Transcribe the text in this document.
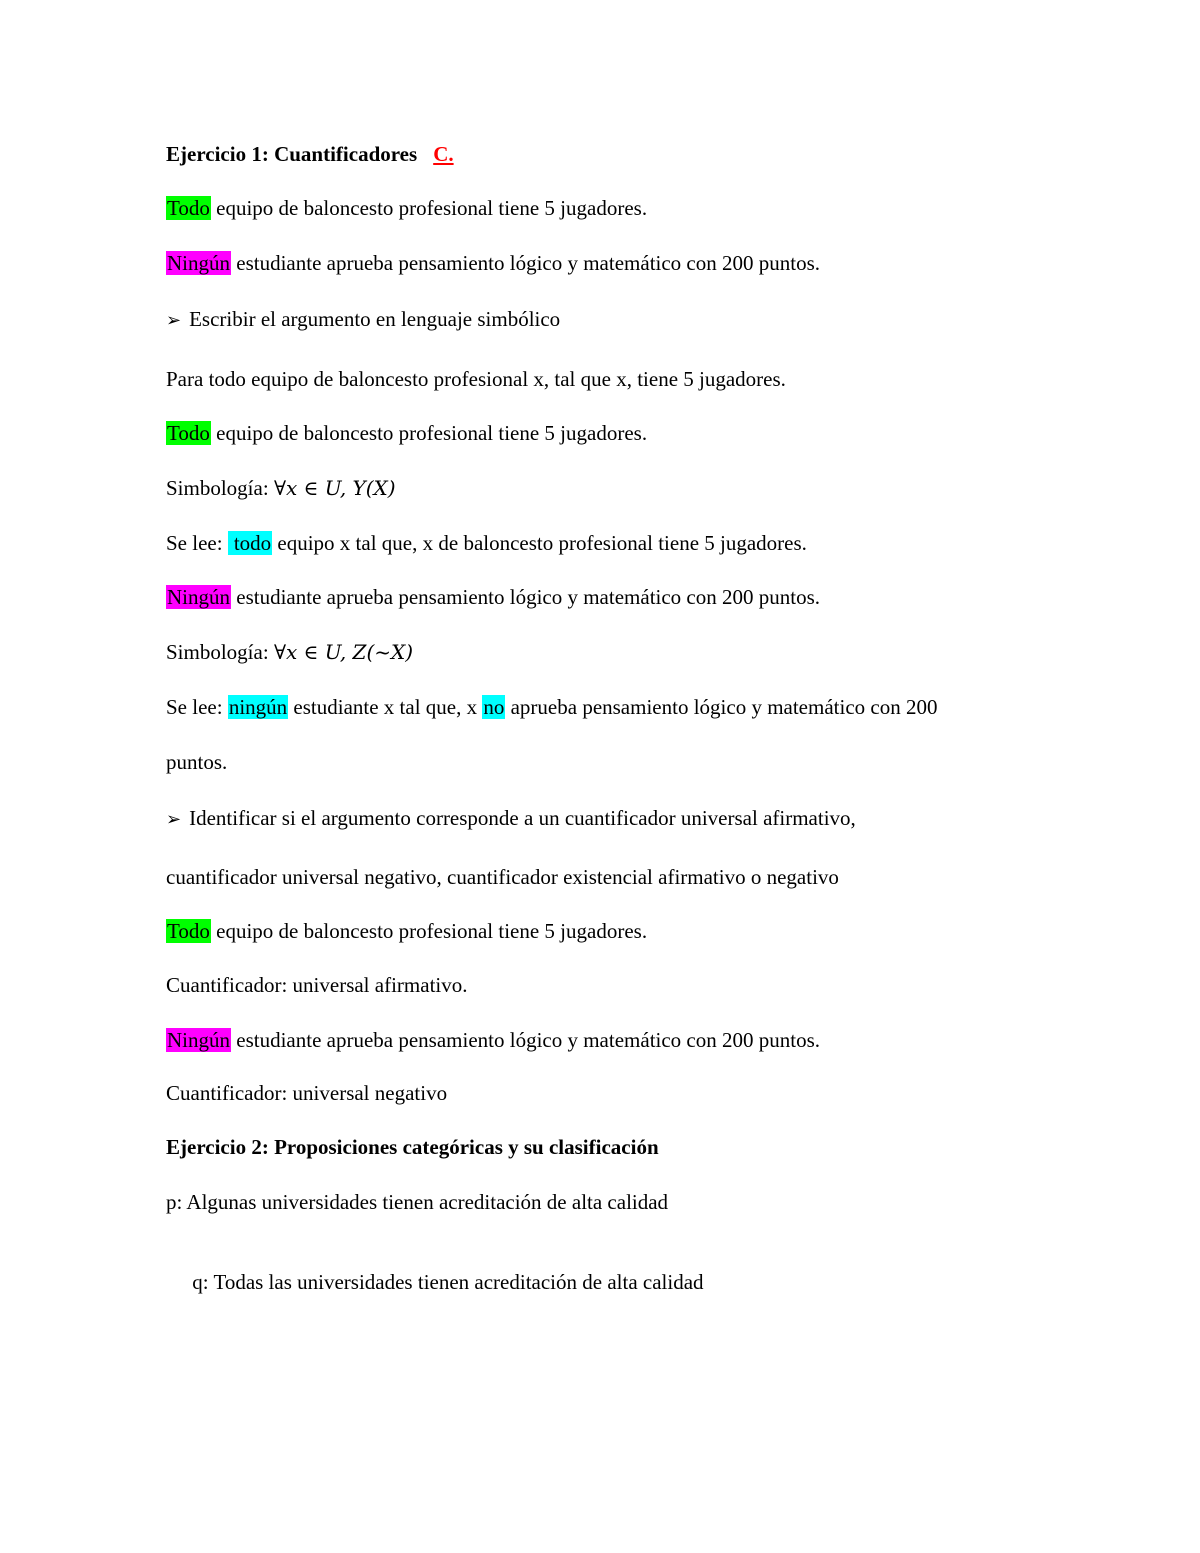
Ejercicio 1: Cuantificadores C.
Todo equipo de baloncesto profesional tiene 5 jugadores.
Ningún estudiante aprueba pensamiento lógico y matemático con 200 puntos.
➢ Escribir el argumento en lenguaje simbólico
Para todo equipo de baloncesto profesional x, tal que x, tiene 5 jugadores.
Todo equipo de baloncesto profesional tiene 5 jugadores.
Simbología: ∀x ∈ U, Y(X)
Se lee: todo equipo x tal que, x de baloncesto profesional tiene 5 jugadores.
Ningún estudiante aprueba pensamiento lógico y matemático con 200 puntos.
Simbología: ∀x ∈ U, Z(~X)
Se lee: ningún estudiante x tal que, x no aprueba pensamiento lógico y matemático con 200
puntos.
➢ Identificar si el argumento corresponde a un cuantificador universal afirmativo,
cuantificador universal negativo, cuantificador existencial afirmativo o negativo
Todo equipo de baloncesto profesional tiene 5 jugadores.
Cuantificador: universal afirmativo.
Ningún estudiante aprueba pensamiento lógico y matemático con 200 puntos.
Cuantificador: universal negativo
Ejercicio 2: Proposiciones categóricas y su clasificación
p: Algunas universidades tienen acreditación de alta calidad

q: Todas las universidades tienen acreditación de alta calidad
